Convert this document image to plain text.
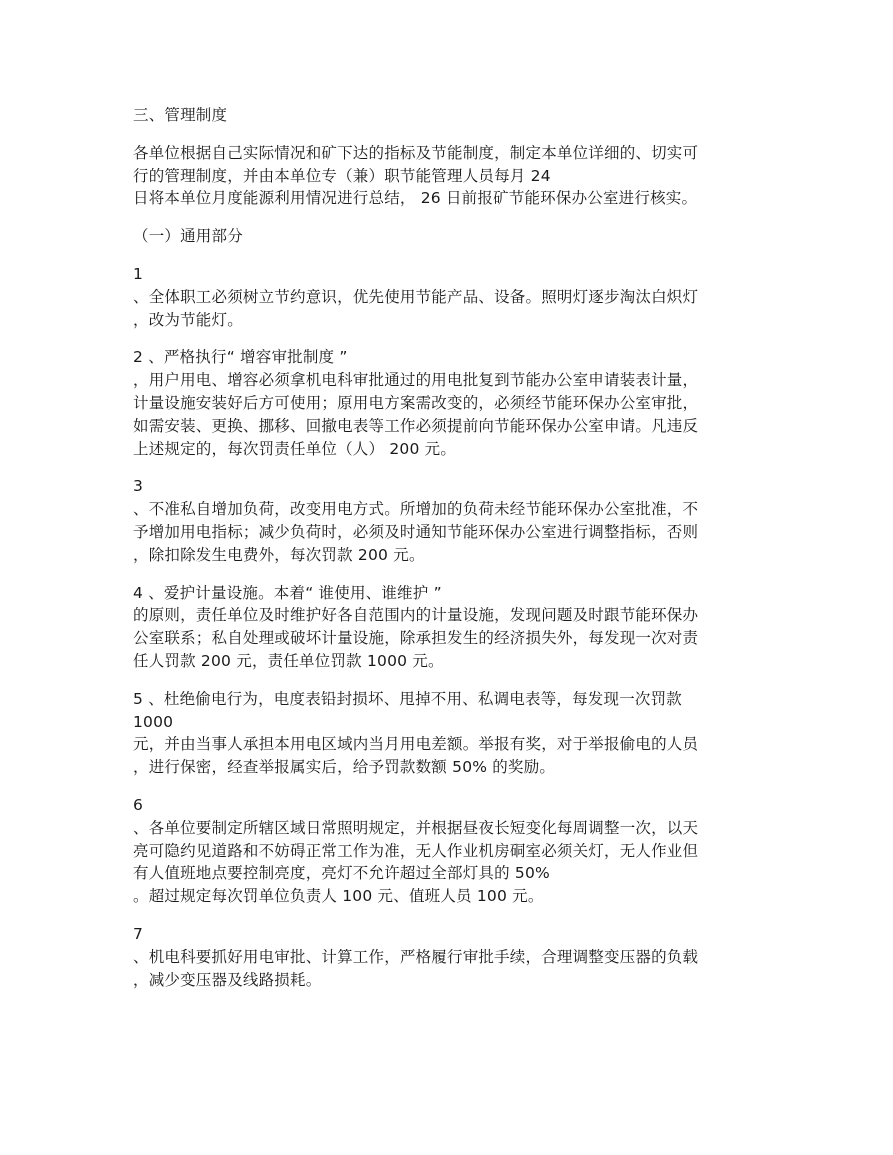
三、管理制度
各单位根据自己实际情况和矿下达的指标及节能制度，制定本单位详细的、切实可
行的管理制度，并由本单位专（兼）职节能管理人员每月 24
日将本单位月度能源利用情况进行总结， 26 日前报矿节能环保办公室进行核实。
（一）通用部分
1
、全体职工必须树立节约意识，优先使用节能产品、设备。照明灯逐步淘汰白炽灯
，改为节能灯。
2 、严格执行“ 增容审批制度 ”
，用户用电、增容必须拿机电科审批通过的用电批复到节能办公室申请装表计量，
计量设施安装好后方可使用；原用电方案需改变的，必须经节能环保办公室审批，
如需安装、更换、挪移、回撤电表等工作必须提前向节能环保办公室申请。凡违反
上述规定的，每次罚责任单位（人） 200 元。
3
、不准私自增加负荷，改变用电方式。所增加的负荷未经节能环保办公室批准，不
予增加用电指标；减少负荷时，必须及时通知节能环保办公室进行调整指标，否则
，除扣除发生电费外，每次罚款 200 元。
4 、爱护计量设施。本着“ 谁使用、谁维护 ”
的原则，责任单位及时维护好各自范围内的计量设施，发现问题及时跟节能环保办
公室联系；私自处理或破坏计量设施，除承担发生的经济损失外，每发现一次对责
任人罚款 200 元，责任单位罚款 1000 元。
5 、杜绝偷电行为，电度表铅封损坏、甩掉不用、私调电表等，每发现一次罚款
1000
元，并由当事人承担本用电区域内当月用电差额。举报有奖，对于举报偷电的人员
，进行保密，经查举报属实后，给予罚款数额 50% 的奖励。
6
、各单位要制定所辖区域日常照明规定，并根据昼夜长短变化每周调整一次，以天
亮可隐约见道路和不妨碍正常工作为准，无人作业机房硐室必须关灯，无人作业但
有人值班地点要控制亮度，亮灯不允许超过全部灯具的 50%
。超过规定每次罚单位负责人 100 元、值班人员 100 元。
7
、机电科要抓好用电审批、计算工作，严格履行审批手续，合理调整变压器的负载
，减少变压器及线路损耗。
